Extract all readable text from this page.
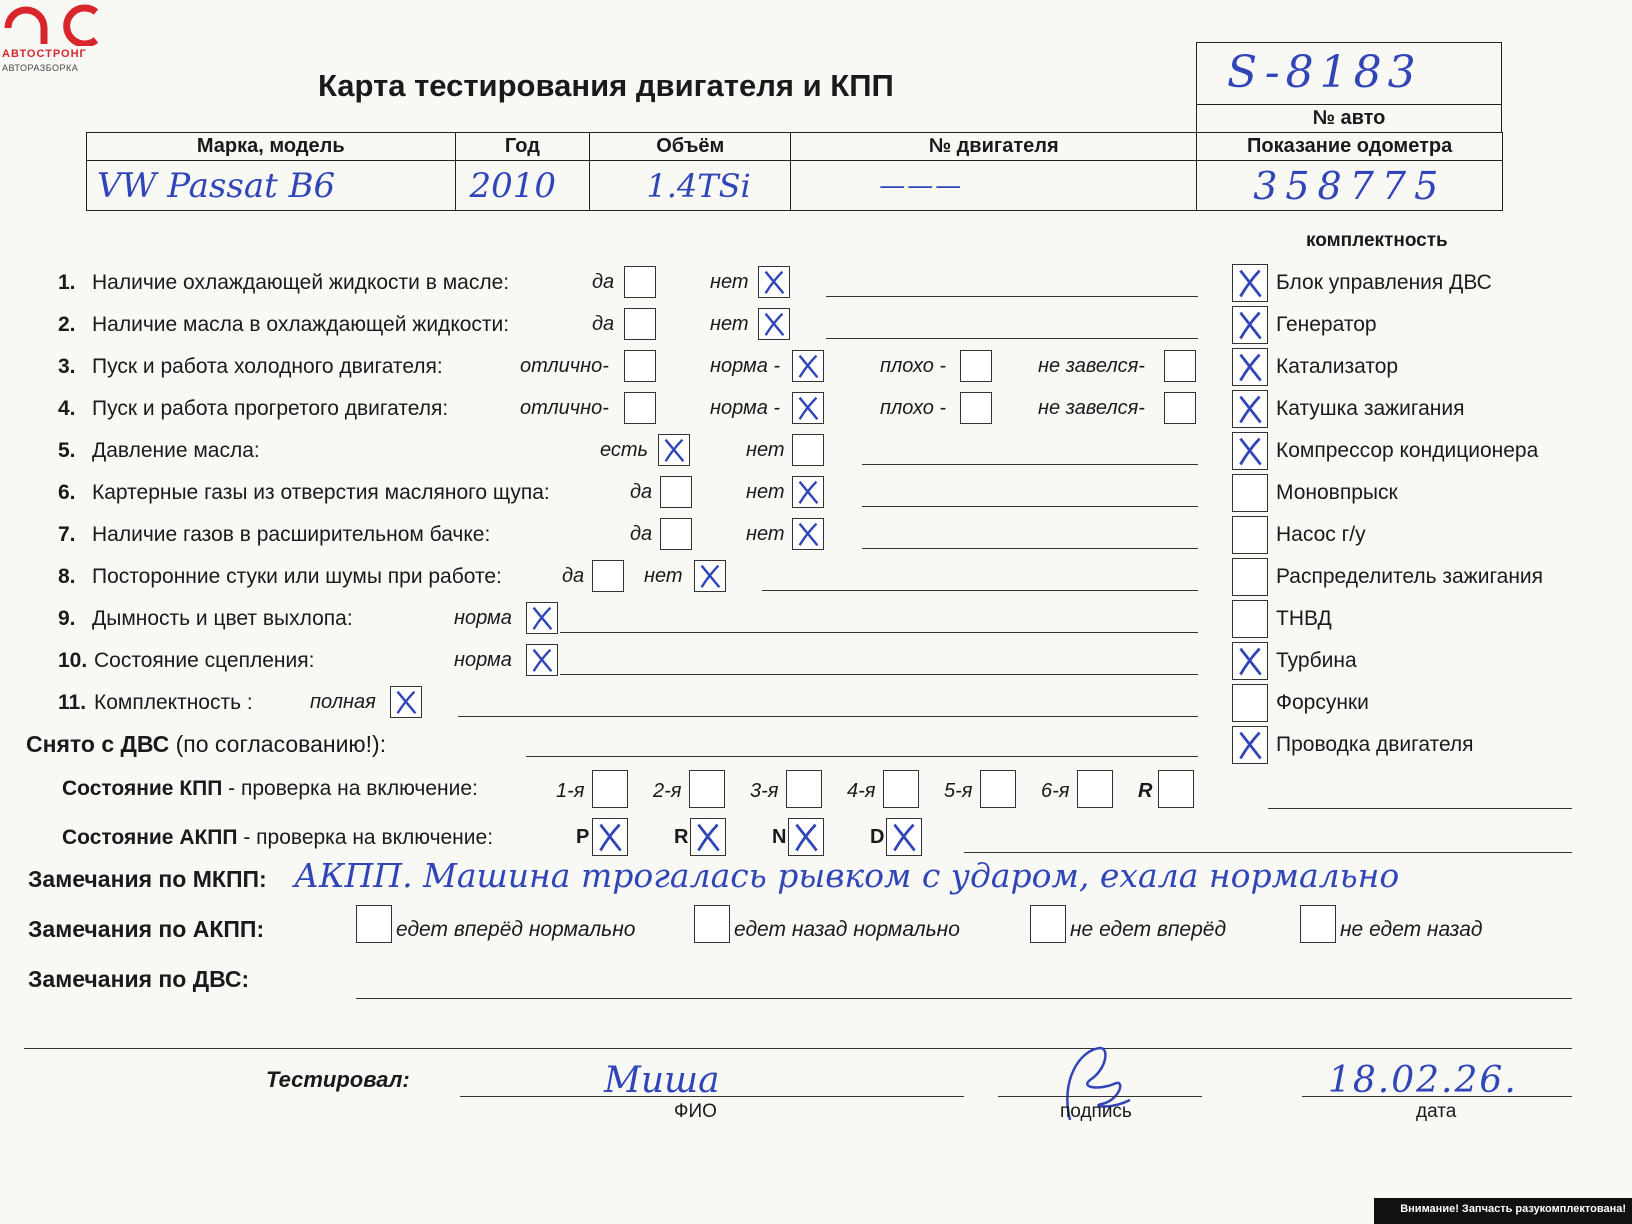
АВТОСТРОНГ
АВТОРАЗБОРКА	Карта тестирования двигателя и КПП	S-8183
№ авто
Марка, модель	Год	Объём	№ двигателя	Показание одометра

VW Passat B6	2010	1.4TSi	———	358775
комплектность
1. Наличие охлаждающей жидкости в масле:	да	нет
2. Наличие масла в охлаждающей жидкости:	да	нет
3. Пуск и работа холодного двигателя:	отлично-	норма -	плохо -	не завелся-
4. Пуск и работа прогретого двигателя:	отлично-	норма -	плохо -	не завелся-
5. Давление масла:	есть	нет
6. Картерные газы из отверстия масляного щупа:	да	нет
7. Наличие газов в расширительном бачке:	да	нет
8. Посторонние стуки или шумы при работе:	да	нет
9. Дымность и цвет выхлопа:	норма
10. Состояние сцепления:	норма
11. Комплектность :	полная
Блок управления ДВС
Генератор
Катализатор
Катушка зажигания
Компрессор кондиционера
Моновпрыск
Насос г/у
Распределитель зажигания
ТНВД
Турбина
Форсунки
Проводка двигателя
Снято с ДВС (по согласованию!):
Состояние КПП - проверка на включение:	1-я	2-я	3-я	4-я	5-я	6-я	R
Состояние АКПП - проверка на включение:	P	R	N	D
Замечания по МКПП: АКПП. Машина трогалась рывком с ударом, ехала нормально
Замечания по АКПП:	едет вперёд нормально	едет назад нормально	не едет вперёд	не едет назад
Замечания по ДВС:
Тестировал:	Миша
ФИО	подпись
18.02.26.
дата
Внимание! Запчасть разукомплектована!
